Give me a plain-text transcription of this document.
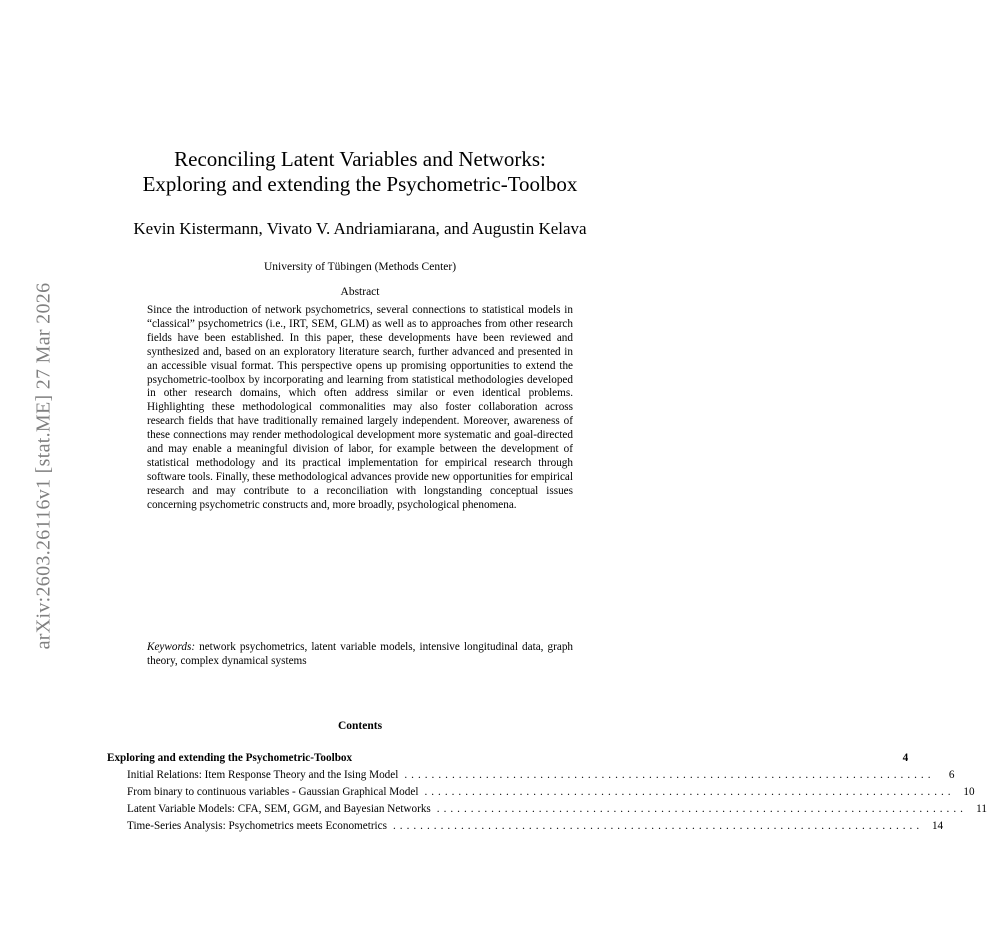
arXiv:2603.26116v1 [stat.ME] 27 Mar 2026
Reconciling Latent Variables and Networks:
Exploring and extending the Psychometric-Toolbox
Kevin Kistermann, Vivato V. Andriamiarana, and Augustin Kelava
University of Tübingen (Methods Center)
Abstract

Since the introduction of network psychometrics, several connections to statistical models in “classical” psychometrics (i.e., IRT, SEM, GLM) as well as to approaches from other research fields have been established. In this paper, these developments have been reviewed and synthesized and, based on an exploratory literature search, further advanced and presented in an accessible visual format. This perspective opens up promising opportunities to extend the psychometric-toolbox by incorporating and learning from statistical methodologies developed in other research domains, which often address similar or even identical problems. Highlighting these methodological commonalities may also foster collaboration across research fields that have traditionally remained largely independent. Moreover, awareness of these connections may render methodological development more systematic and goal-directed and may enable a meaningful division of labor, for example between the development of statistical methodology and its practical implementation for empirical research through software tools. Finally, these methodological advances provide new opportunities for empirical research and may contribute to a reconciliation with longstanding conceptual issues concerning psychometric constructs and, more broadly, psychological phenomena.

Keywords: network psychometrics, latent variable models, intensive longitudinal data, graph theory, complex dynamical systems

Contents
Exploring and extending the Psychometric-Toolbox	4
Initial Relations: Item Response Theory and the Ising Model ..............................................................................	6
From binary to continuous variables - Gaussian Graphical Model .............................................................................. 10
Latent Variable Models: CFA, SEM, GGM, and Bayesian Networks .............................................................................. 11
Time-Series Analysis: Psychometrics meets Econometrics .............................................................................. 14
